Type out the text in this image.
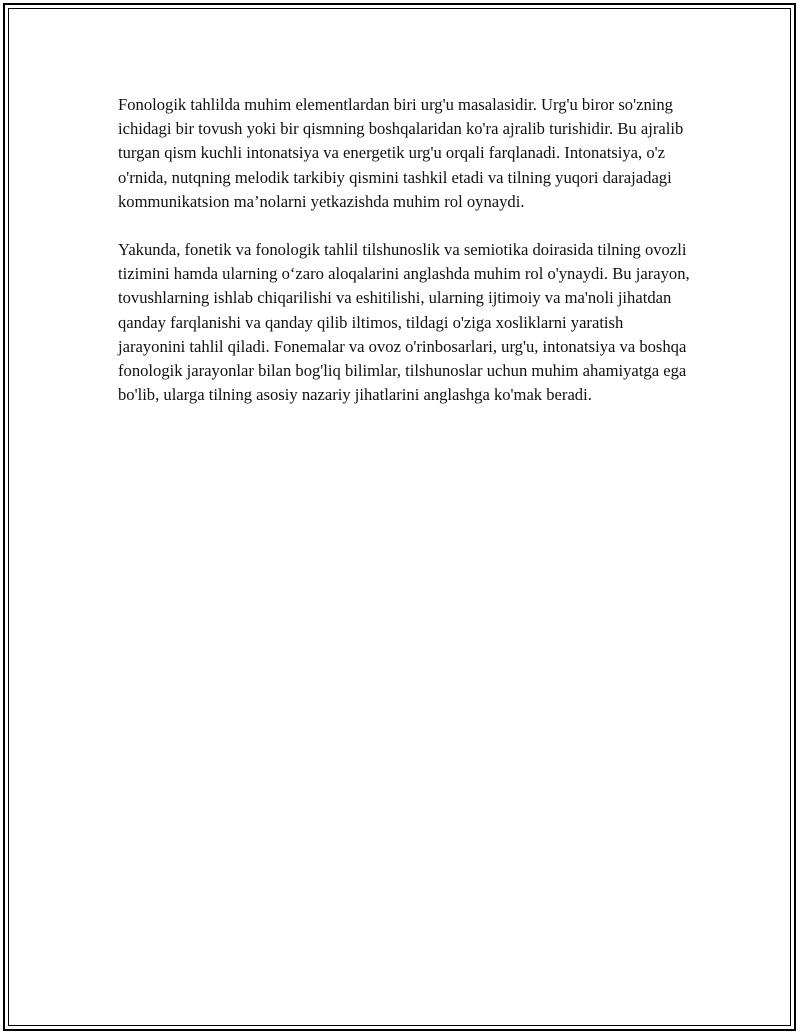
Fonologik tahlilda muhim elementlardan biri urg'u masalasidir. Urg'u biror so'zning ichidagi bir tovush yoki bir qismning boshqalaridan ko'ra ajralib turishidir. Bu ajralib turgan qism kuchli intonatsiya va energetik urg'u orqali farqlanadi. Intonatsiya, o'z o'rnida, nutqning melodik tarkibiy qismini tashkil etadi va tilning yuqori darajadagi kommunikatsion ma’nolarni yetkazishda muhim rol oynaydi.

Yakunda, fonetik va fonologik tahlil tilshunoslik va semiotika doirasida tilning ovozli tizimini hamda ularning o‘zaro aloqalarini anglashda muhim rol o'ynaydi. Bu jarayon, tovushlarning ishlab chiqarilishi va eshitilishi, ularning ijtimoiy va ma'noli jihatdan qanday farqlanishi va qanday qilib iltimos, tildagi o'ziga xosliklarni yaratish jarayonini tahlil qiladi. Fonemalar va ovoz o'rinbosarlari, urg'u, intonatsiya va boshqa fonologik jarayonlar bilan bog'liq bilimlar, tilshunoslar uchun muhim ahamiyatga ega bo'lib, ularga tilning asosiy nazariy jihatlarini anglashga ko'mak beradi.
